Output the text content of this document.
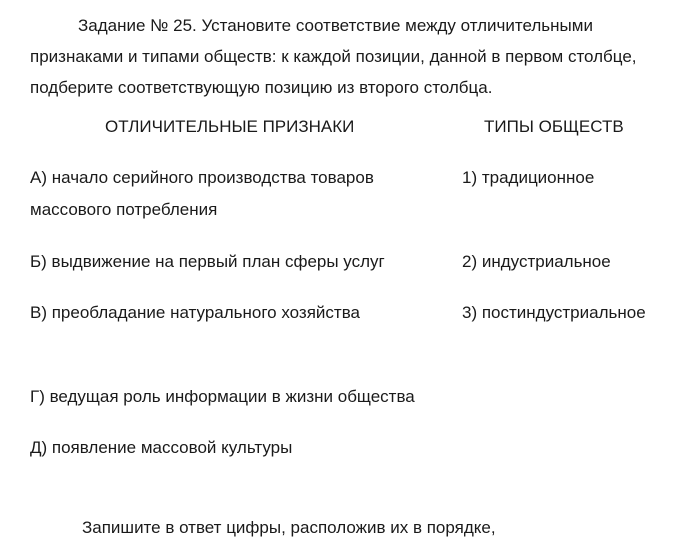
Задание № 25. Установите соответствие между отличительными признаками и типами обществ: к каждой позиции, данной в первом столбце, подберите соответствующую позицию из второго столбца.

ОТЛИЧИТЕЛЬНЫЕ ПРИЗНАКИ	ТИПЫ ОБЩЕСТВ

А) начало серийного производства товаров массового потребления

Б) выдвижение на первый план сферы услуг

В) преобладание натурального хозяйства

Г) ведущая роль информации в жизни общества

Д) появление массовой культуры

1) традиционное

2) индустриальное

3) постиндустриальное

Запишите в ответ цифры, расположив их в порядке,
